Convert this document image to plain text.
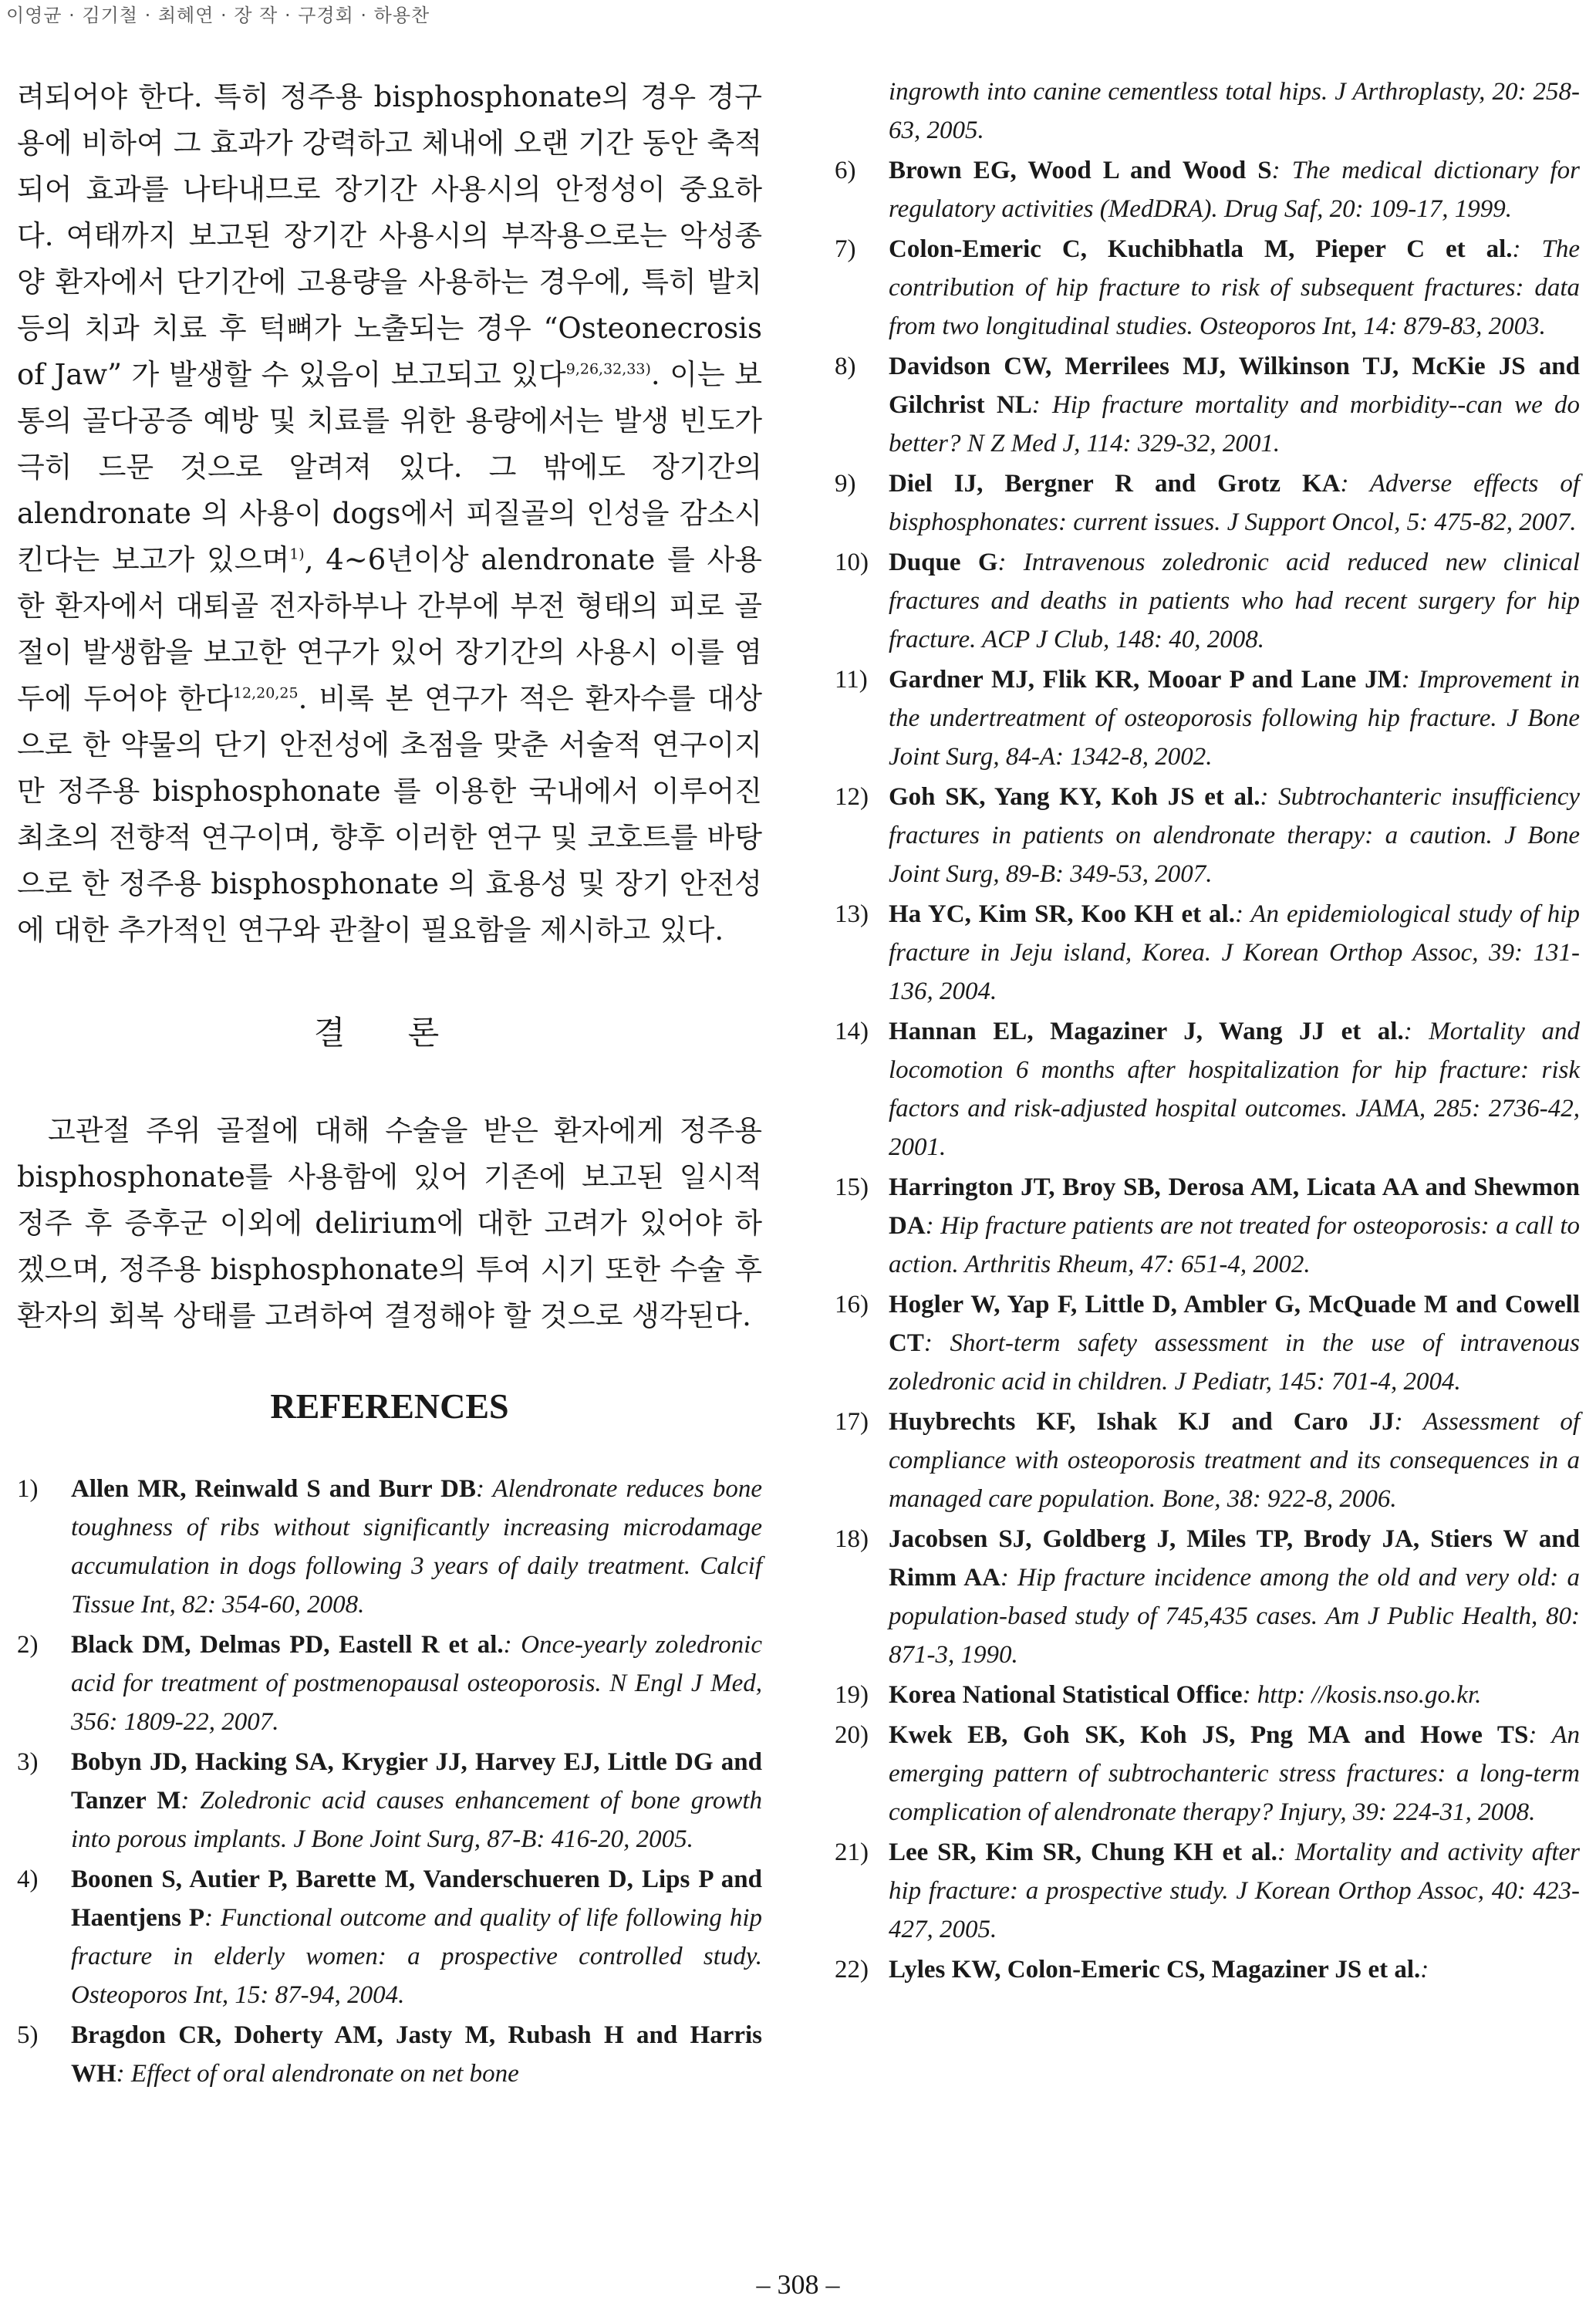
이영균 · 김기철 · 최혜연 · 장 작 · 구경회 · 하용찬

려되어야 한다. 특히 정주용 bisphosphonate의 경우 경구용에 비하여 그 효과가 강력하고 체내에 오랜 기간 동안 축적되어 효과를 나타내므로 장기간 사용시의 안정성이 중요하다. 여태까지 보고된 장기간 사용시의 부작용으로는 악성종양 환자에서 단기간에 고용량을 사용하는 경우에, 특히 발치 등의 치과 치료 후 턱뼈가 노출되는 경우 “Osteonecrosis of Jaw” 가 발생할 수 있음이 보고되고 있다$^{9,26,32,33)}$. 이는 보통의 골다공증 예방 및 치료를 위한 용량에서는 발생 빈도가 극히 드문 것으로 알려져 있다. 그 밖에도 장기간의 alendronate 의 사용이 dogs에서 피질골의 인성을 감소시킨다는 보고가 있으며$^{1)}$, 4~6년이상 alendronate 를 사용한 환자에서 대퇴골 전자하부나 간부에 부전 형태의 피로 골절이 발생함을 보고한 연구가 있어 장기간의 사용시 이를 염두에 두어야 한다$^{12,20,25}$. 비록 본 연구가 적은 환자수를 대상으로 한 약물의 단기 안전성에 초점을 맞춘 서술적 연구이지만 정주용 bisphosphonate 를 이용한 국내에서 이루어진 최초의 전향적 연구이며, 향후 이러한 연구 및 코호트를 바탕으로 한 정주용 bisphosphonate 의 효용성 및 장기 안전성에 대한 추가적인 연구와 관찰이 필요함을 제시하고 있다.

결 론

고관절 주위 골절에 대해 수술을 받은 환자에게 정주용 bisphosphonate를 사용함에 있어 기존에 보고된 일시적 정주 후 증후군 이외에 delirium에 대한 고려가 있어야 하겠으며, 정주용 bisphosphonate의 투여 시기 또한 수술 후 환자의 회복 상태를 고려하여 결정해야 할 것으로 생각된다.

REFERENCES
1)	Allen MR, Reinwald S and Burr DB: Alendronate reduces bone toughness of ribs without significantly increasing microdamage accumulation in dogs following 3 years of daily treatment. Calcif Tissue Int, 82: 354-60, 2008.
2)	Black DM, Delmas PD, Eastell R et al.: Once-yearly zoledronic acid for treatment of postmenopausal osteoporosis. N Engl J Med, 356: 1809-22, 2007.
3)	Bobyn JD, Hacking SA, Krygier JJ, Harvey EJ, Little DG and Tanzer M: Zoledronic acid causes enhancement of bone growth into porous implants. J Bone Joint Surg, 87-B: 416-20, 2005.
4)	Boonen S, Autier P, Barette M, Vanderschueren D, Lips P and Haentjens P: Functional outcome and quality of life following hip fracture in elderly women: a prospective controlled study. Osteoporos Int, 15: 87-94, 2004.
5)	Bragdon CR, Doherty AM, Jasty M, Rubash H and Harris WH: Effect of oral alendronate on net bone
ingrowth into canine cementless total hips. J Arthroplasty, 20: 258-63, 2005.
6)	Brown EG, Wood L and Wood S: The medical dictionary for regulatory activities (MedDRA). Drug Saf, 20: 109-17, 1999.
7)	Colon-Emeric C, Kuchibhatla M, Pieper C et al.: The contribution of hip fracture to risk of subsequent fractures: data from two longitudinal studies. Osteoporos Int, 14: 879-83, 2003.
8)	Davidson CW, Merrilees MJ, Wilkinson TJ, McKie JS and Gilchrist NL: Hip fracture mortality and morbidity--can we do better? N Z Med J, 114: 329-32, 2001.
9)	Diel IJ, Bergner R and Grotz KA: Adverse effects of bisphosphonates: current issues. J Support Oncol, 5: 475-82, 2007.
10) Duque G: Intravenous zoledronic acid reduced new clinical fractures and deaths in patients who had recent surgery for hip fracture. ACP J Club, 148: 40, 2008.
11) Gardner MJ, Flik KR, Mooar P and Lane JM: Improvement in the undertreatment of osteoporosis following hip fracture. J Bone Joint Surg, 84-A: 1342-8, 2002.
12) Goh SK, Yang KY, Koh JS et al.: Subtrochanteric insufficiency fractures in patients on alendronate therapy: a caution. J Bone Joint Surg, 89-B: 349-53, 2007.
13) Ha YC, Kim SR, Koo KH et al.: An epidemiological study of hip fracture in Jeju island, Korea. J Korean Orthop Assoc, 39: 131-136, 2004.
14) Hannan EL, Magaziner J, Wang JJ et al.: Mortality and locomotion 6 months after hospitalization for hip fracture: risk factors and risk-adjusted hospital outcomes. JAMA, 285: 2736-42, 2001.
15) Harrington JT, Broy SB, Derosa AM, Licata AA and Shewmon DA: Hip fracture patients are not treated for osteoporosis: a call to action. Arthritis Rheum, 47: 651-4, 2002.
16) Hogler W, Yap F, Little D, Ambler G, McQuade M and Cowell CT: Short-term safety assessment in the use of intravenous zoledronic acid in children. J Pediatr, 145: 701-4, 2004.
17) Huybrechts KF, Ishak KJ and Caro JJ: Assessment of compliance with osteoporosis treatment and its consequences in a managed care population. Bone, 38: 922-8, 2006.
18) Jacobsen SJ, Goldberg J, Miles TP, Brody JA, Stiers W and Rimm AA: Hip fracture incidence among the old and very old: a population-based study of 745,435 cases. Am J Public Health, 80: 871-3, 1990.
19) Korea National Statistical Office: http: //kosis.nso.go.kr.
20) Kwek EB, Goh SK, Koh JS, Png MA and Howe TS: An emerging pattern of subtrochanteric stress fractures: a long-term complication of alendronate therapy? Injury, 39: 224-31, 2008.
21) Lee SR, Kim SR, Chung KH et al.: Mortality and activity after hip fracture: a prospective study. J Korean Orthop Assoc, 40: 423-427, 2005.
22) Lyles KW, Colon-Emeric CS, Magaziner JS et al.:
– 308 –
